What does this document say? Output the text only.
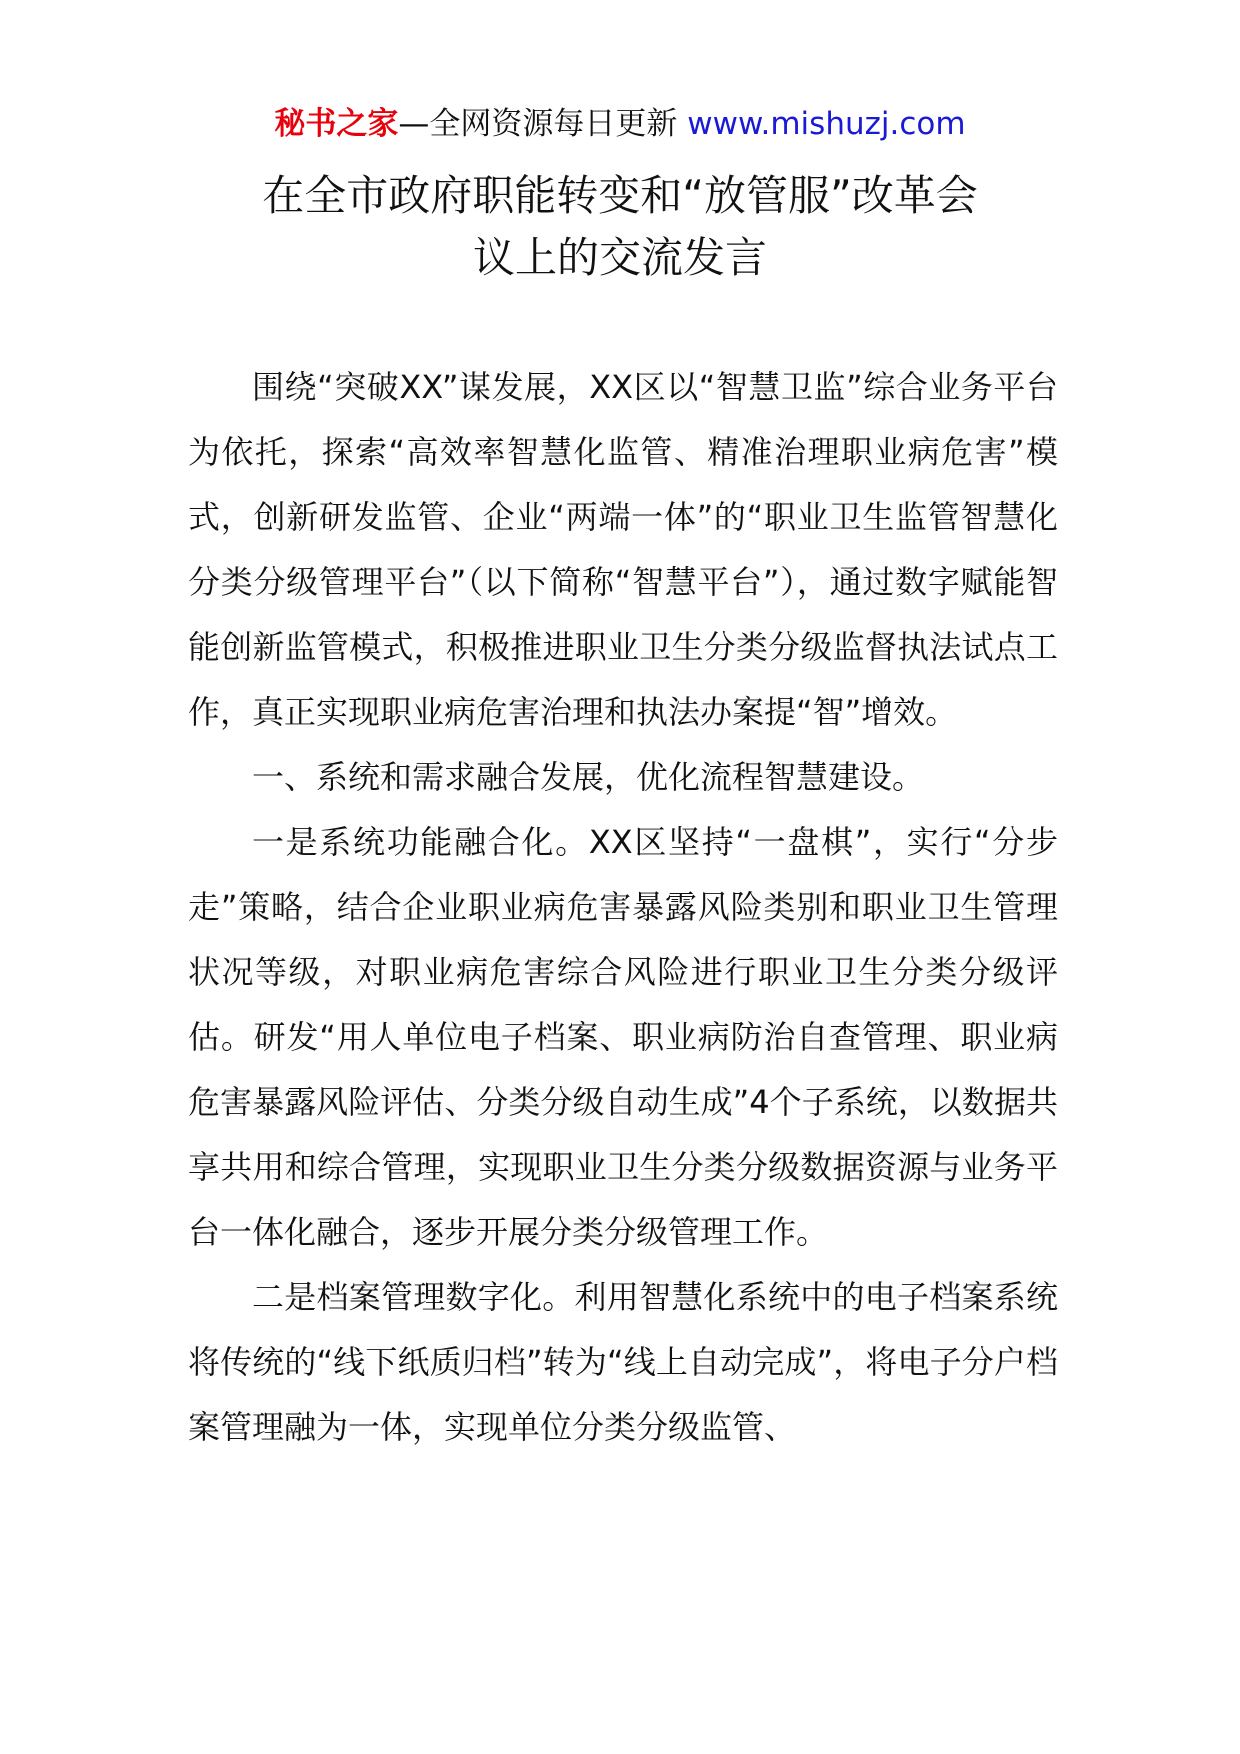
秘书之家—全网资源每日更新 www.mishuzj.com
在全市政府职能转变和“放管服”改革会
议上的交流发言

围绕“突破XX”谋发展，XX区以“智慧卫监”综合业务平台为依托，探索“高效率智慧化监管、精准治理职业病危害”模式，创新研发监管、企业“两端一体”的“职业卫生监管智慧化分类分级管理平台”（以下简称“智慧平台”），通过数字赋能智能创新监管模式，积极推进职业卫生分类分级监督执法试点工作，真正实现职业病危害治理和执法办案提“智”增效。

一、系统和需求融合发展，优化流程智慧建设。

一是系统功能融合化。XX区坚持“一盘棋”，实行“分步走”策略，结合企业职业病危害暴露风险类别和职业卫生管理状况等级，对职业病危害综合风险进行职业卫生分类分级评估。研发“用人单位电子档案、职业病防治自查管理、职业病危害暴露风险评估、分类分级自动生成”4个子系统，以数据共享共用和综合管理，实现职业卫生分类分级数据资源与业务平台一体化融合，逐步开展分类分级管理工作。

二是档案管理数字化。利用智慧化系统中的电子档案系统将传统的“线下纸质归档”转为“线上自动完成”，将电子分户档案管理融为一体，实现单位分类分级监管、
